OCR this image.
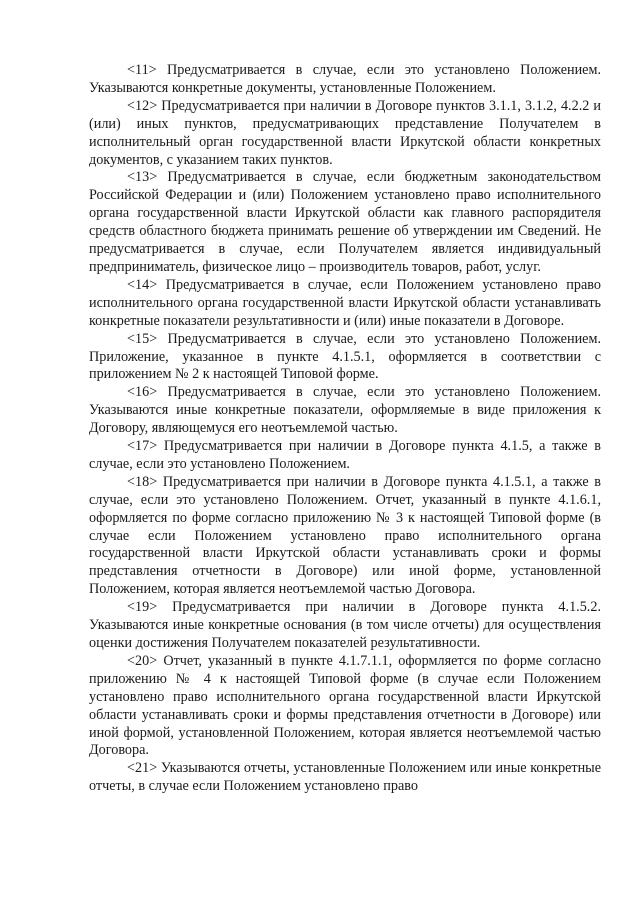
<11> Предусматривается в случае, если это установлено Положением. Указываются конкретные документы, установленные Положением.

<12> Предусматривается при наличии в Договоре пунктов 3.1.1, 3.1.2, 4.2.2 и (или) иных пунктов, предусматривающих представление Получателем в исполнительный орган государственной власти Иркутской области конкретных документов, с указанием таких пунктов.

<13> Предусматривается в случае, если бюджетным законодательством Российской Федерации и (или) Положением установлено право исполнительного органа государственной власти Иркутской области как главного распорядителя средств областного бюджета принимать решение об утверждении им Сведений. Не предусматривается в случае, если Получателем является индивидуальный предприниматель, физическое лицо – производитель товаров, работ, услуг.

<14> Предусматривается в случае, если Положением установлено право исполнительного органа государственной власти Иркутской области устанавливать конкретные показатели результативности и (или) иные показатели в Договоре.

<15> Предусматривается в случае, если это установлено Положением. Приложение, указанное в пункте 4.1.5.1, оформляется в соответствии с приложением № 2 к настоящей Типовой форме.

<16> Предусматривается в случае, если это установлено Положением. Указываются иные конкретные показатели, оформляемые в виде приложения к Договору, являющемуся его неотъемлемой частью.

<17> Предусматривается при наличии в Договоре пункта 4.1.5, а также в случае, если это установлено Положением.

<18> Предусматривается при наличии в Договоре пункта 4.1.5.1, а также в случае, если это установлено Положением. Отчет, указанный в пункте 4.1.6.1, оформляется по форме согласно приложению № 3 к настоящей Типовой форме (в случае если Положением установлено право исполнительного органа государственной власти Иркутской области устанавливать сроки и формы представления отчетности в Договоре) или иной форме, установленной Положением, которая является неотъемлемой частью Договора.

<19> Предусматривается при наличии в Договоре пункта 4.1.5.2. Указываются иные конкретные основания (в том числе отчеты) для осуществления оценки достижения Получателем показателей результативности.

<20> Отчет, указанный в пункте 4.1.7.1.1, оформляется по форме согласно приложению № 4 к настоящей Типовой форме (в случае если Положением установлено право исполнительного органа государственной власти Иркутской области устанавливать сроки и формы представления отчетности в Договоре) или иной формой, установленной Положением, которая является неотъемлемой частью Договора.

<21> Указываются отчеты, установленные Положением или иные конкретные отчеты, в случае если Положением установлено право
